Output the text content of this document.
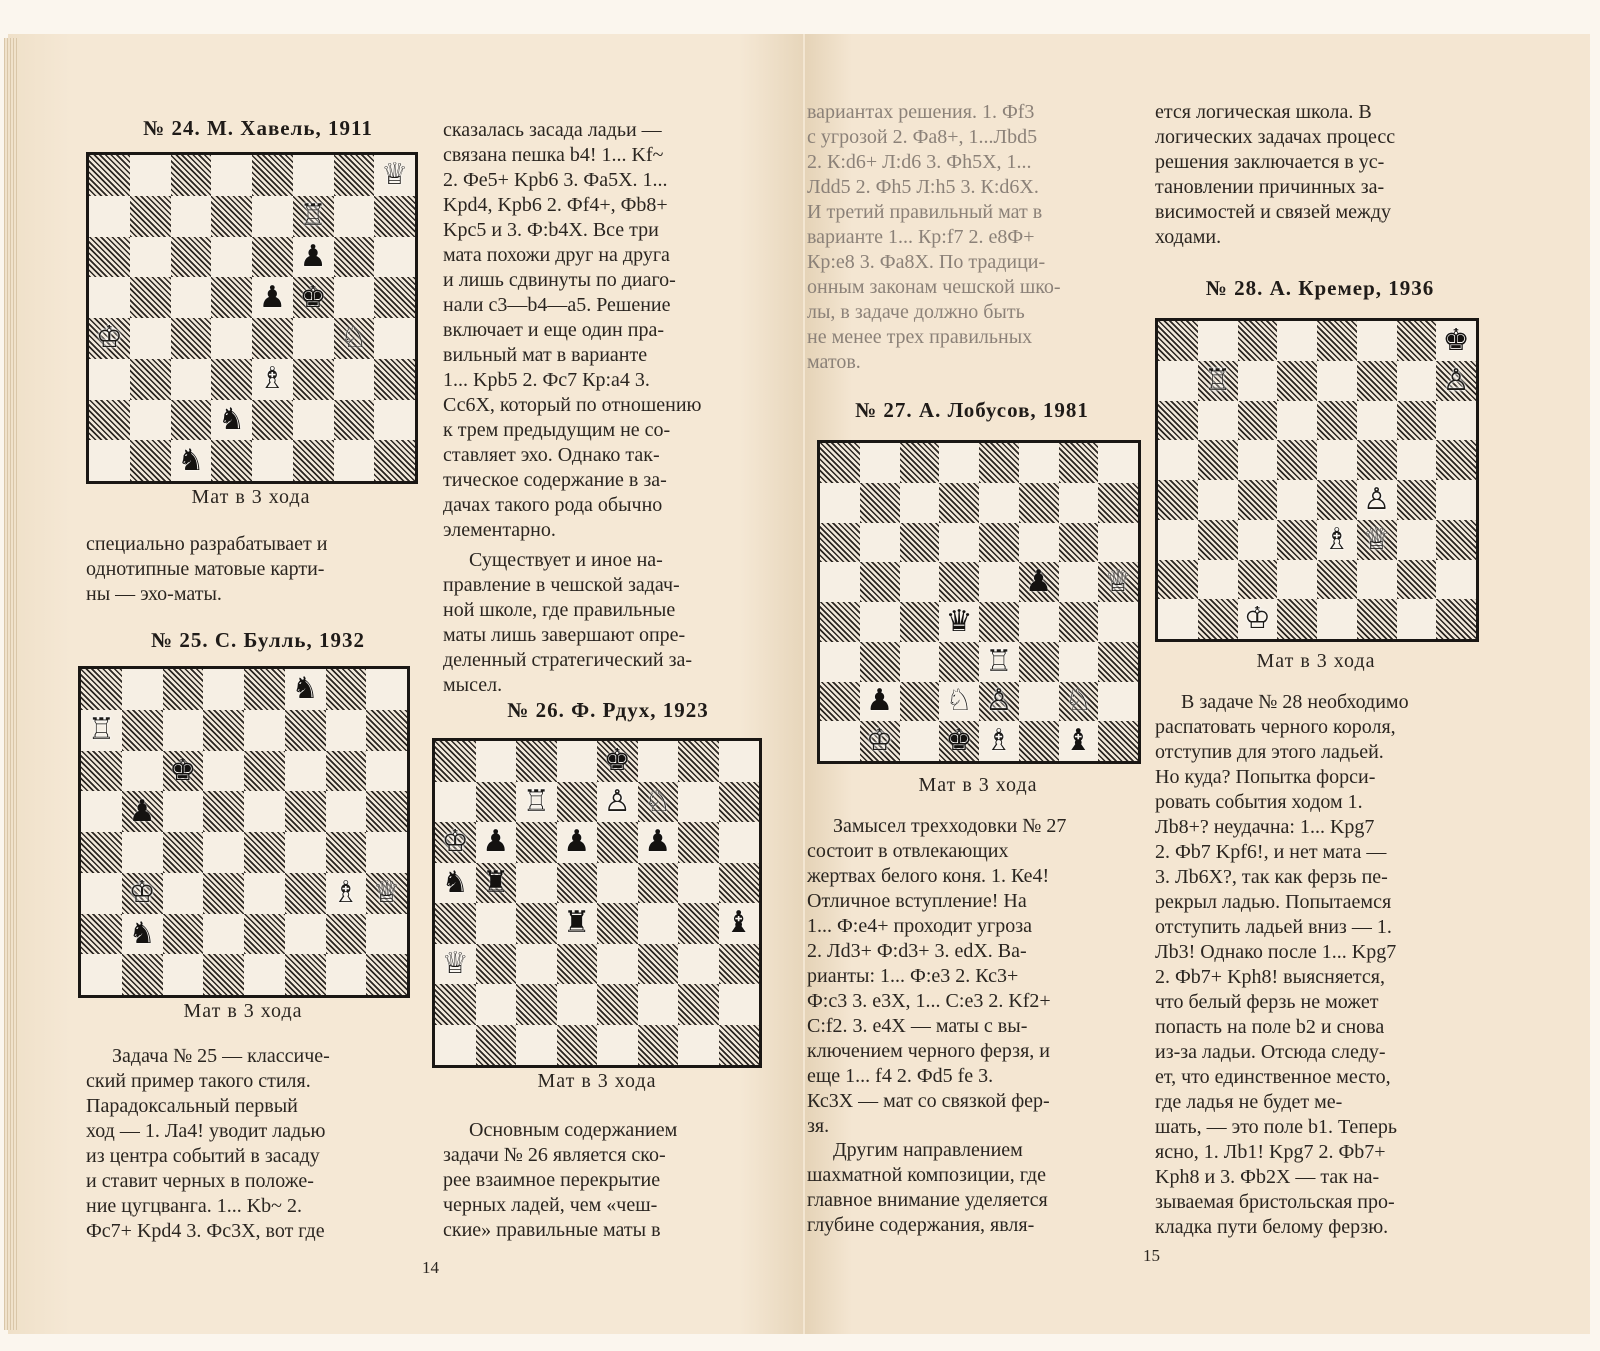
№ 24. М. Хавель, 1911
♕
♖
♟
♟ ♚
♔	♘
♗
♞
♞
Мат в 3 хода

специально разрабатывает и

однотипные матовые карти-

ны — эхо-маты.

№ 25. С. Булль, 1932
♞
♖
♚
♟
♔	♗ ♕
♞
Мат в 3 хода

Задача № 25 — классиче-

ский пример такого стиля.

Парадоксальный первый

ход — 1. Ла4! уводит ладью

из центра событий в засаду

и ставит черных в положе-

ние цугцванга. 1... Kb~ 2.

Фс7+ Kpd4 3. Фс3Х, вот где

сказалась засада ладьи —

связана пешка b4! 1... Kf~

2. Фе5+ Kpb6 3. Фа5Х. 1...

Kpd4, Kpb6 2. Фf4+, Фb8+

Kpc5 и 3. Ф:b4Х. Все три

мата похожи друг на друга

и лишь сдвинуты по диаго-

нали с3—b4—а5. Решение

включает и еще один пра-

вильный мат в варианте

1... Kpb5 2. Фс7 Кр:а4 3.

Сс6Х, который по отношению

к трем предыдущим не со-

ставляет эхо. Однако так-

тическое содержание в за-

дачах такого рода обычно

элементарно.

Существует и иное на-

правление в чешской задач-

ной школе, где правильные

маты лишь завершают опре-

деленный стратегический за-

мысел.

№ 26. Ф. Рдух, 1923
♚
♖ ♙ ♘
♔ ♟ ♟ ♟
♞ ♜
♜	♝
♕
Мат в 3 хода

Основным содержанием

задачи № 26 является ско-

рее взаимное перекрытие

черных ладей, чем «чеш-

ские» правильные маты в

14

вариантах решения. 1. Фf3

с угрозой 2. Фа8+, 1...Лbd5

2. К:d6+ Л:d6 3. Фh5Х, 1...

Лdd5 2. Фh5 Л:h5 3. К:d6Х.

И третий правильный мат в

варианте 1... Кр:f7 2. е8Ф+

Кр:е8 3. Фа8Х. По традици-

онным законам чешской шко-

лы, в задаче должно быть

не менее трех правильных

матов.

№ 27. А. Лобусов, 1981
♟ ♕
♛
♖
♟ ♘ ♙ ♘
♔ ♚ ♗ ♝
Мат в 3 хода

Замысел трехходовки № 27

состоит в отвлекающих

жертвах белого коня. 1. Ке4!

Отличное вступление! На

1... Ф:е4+ проходит угроза

2. Лd3+ Ф:d3+ 3. edХ. Ва-

рианты: 1... Ф:е3 2. Кс3+

Ф:с3 3. е3Х, 1... С:е3 2. Kf2+

С:f2. 3. е4Х — маты с вы-

ключением черного ферзя, и

еще 1... f4 2. Фd5 fe 3.

Кс3Х — мат со связкой фер-

зя.

Другим направлением

шахматной композиции, где

главное внимание уделяется

глубине содержания, явля-

ется логическая школа. В

логических задачах процесс

решения заключается в ус-

тановлении причинных за-

висимостей и связей между

ходами.

№ 28. А. Кремер, 1936
♚
♖	♙
♙
♗ ♕
♔
Мат в 3 хода

В задаче № 28 необходимо

распатовать черного короля,

отступив для этого ладьей.

Но куда? Попытка форси-

ровать события ходом 1.

Лb8+? неудачна: 1... Kpg7

2. Фb7 Kpf6!, и нет мата —

3. Лb6Х?, так как ферзь пе-

рекрыл ладью. Попытаемся

отступить ладьей вниз — 1.

Лb3! Однако после 1... Kpg7

2. Фb7+ Kph8! выясняется,

что белый ферзь не может

попасть на поле b2 и снова

из-за ладьи. Отсюда следу-

ет, что единственное место,

где ладья не будет ме-

шать, — это поле b1. Теперь

ясно, 1. Лb1! Kpg7 2. Фb7+

Kph8 и 3. Фb2Х — так на-

зываемая бристольская про-

кладка пути белому ферзю.

15
